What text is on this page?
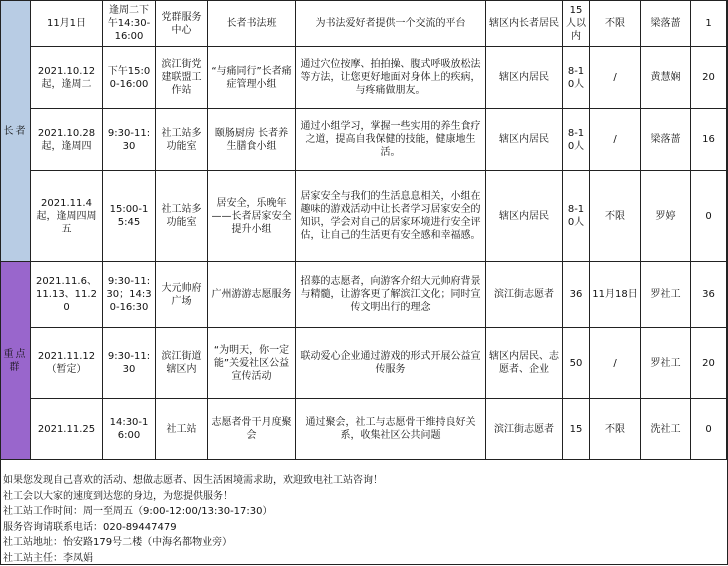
长者	11月1日	逢周二下午14:30-16:00	党群服务中心	长者书法班	为书法爱好者提供一个交流的平台	辖区内长者居民	15人以内	不限	梁落蔷	1
	2021.10.12起，逢周二	下午15:00-16:00	滨江街党建联盟工作站	“与痛同行”长者痛症管理小组	通过穴位按摩、拍拍操、腹式呼吸放松法等方法，让您更好地面对身体上的疾病，与疼痛做朋友。	辖区内居民	8-10人	/	黄慧娴	20
	2021.10.28起，逢周四	9:30-11:30	社工站多功能室	颐肠厨房 长者养生膳食小组	通过小组学习，掌握一些实用的养生食疗之道，提高自我保健的技能，健康地生活。	辖区内居民	8-10人	/	梁落蔷	16
	2021.11.4起，逢周四周五	15:00-15:45	社工站多功能室	居安全，乐晚年——长者居家安全提升小组	居家安全与我们的生活息息相关，小组在趣味的游戏活动中让长者学习居家安全的知识，学会对自己的居家环境进行安全评估，让自己的生活更有安全感和幸福感。	辖区内居民	8-10人	不限	罗婷	0
重点群	2021.11.6、11.13、11.20	9:30-11:30；14:30-16:30	大元帅府广场	广州游游志愿服务	招募的志愿者，向游客介绍大元帅府背景与精髓，让游客更了解滨江文化；同时宣传文明出行的理念	滨江街志愿者	36	11月18日	罗社工	36
	2021.11.12（暂定）	9:30-11:30	滨江街道辖区内	“为明天，你一定能”关爱社区公益宣传活动	联动爱心企业通过游戏的形式开展公益宣传服务	辖区内居民、志愿者、企业	50	/	罗社工	20
	2021.11.25	14:30-16:00	社工站	志愿者骨干月度聚会	通过聚会，社工与志愿骨干维持良好关系，收集社区公共问题	滨江街志愿者	15	不限	洗社工	0
如果您发现自己喜欢的活动、想做志愿者、因生活困境需求助，欢迎致电社工站咨询！
社工会以大家的速度到达您的身边，为您提供服务！
社工站工作时间：周一至周五（9:00-12:00/13:30-17:30）
服务咨询请联系电话：020-89447479
社工站地址：怡安路179号二楼（中海名都物业旁）
社工站主任：李凤娟
